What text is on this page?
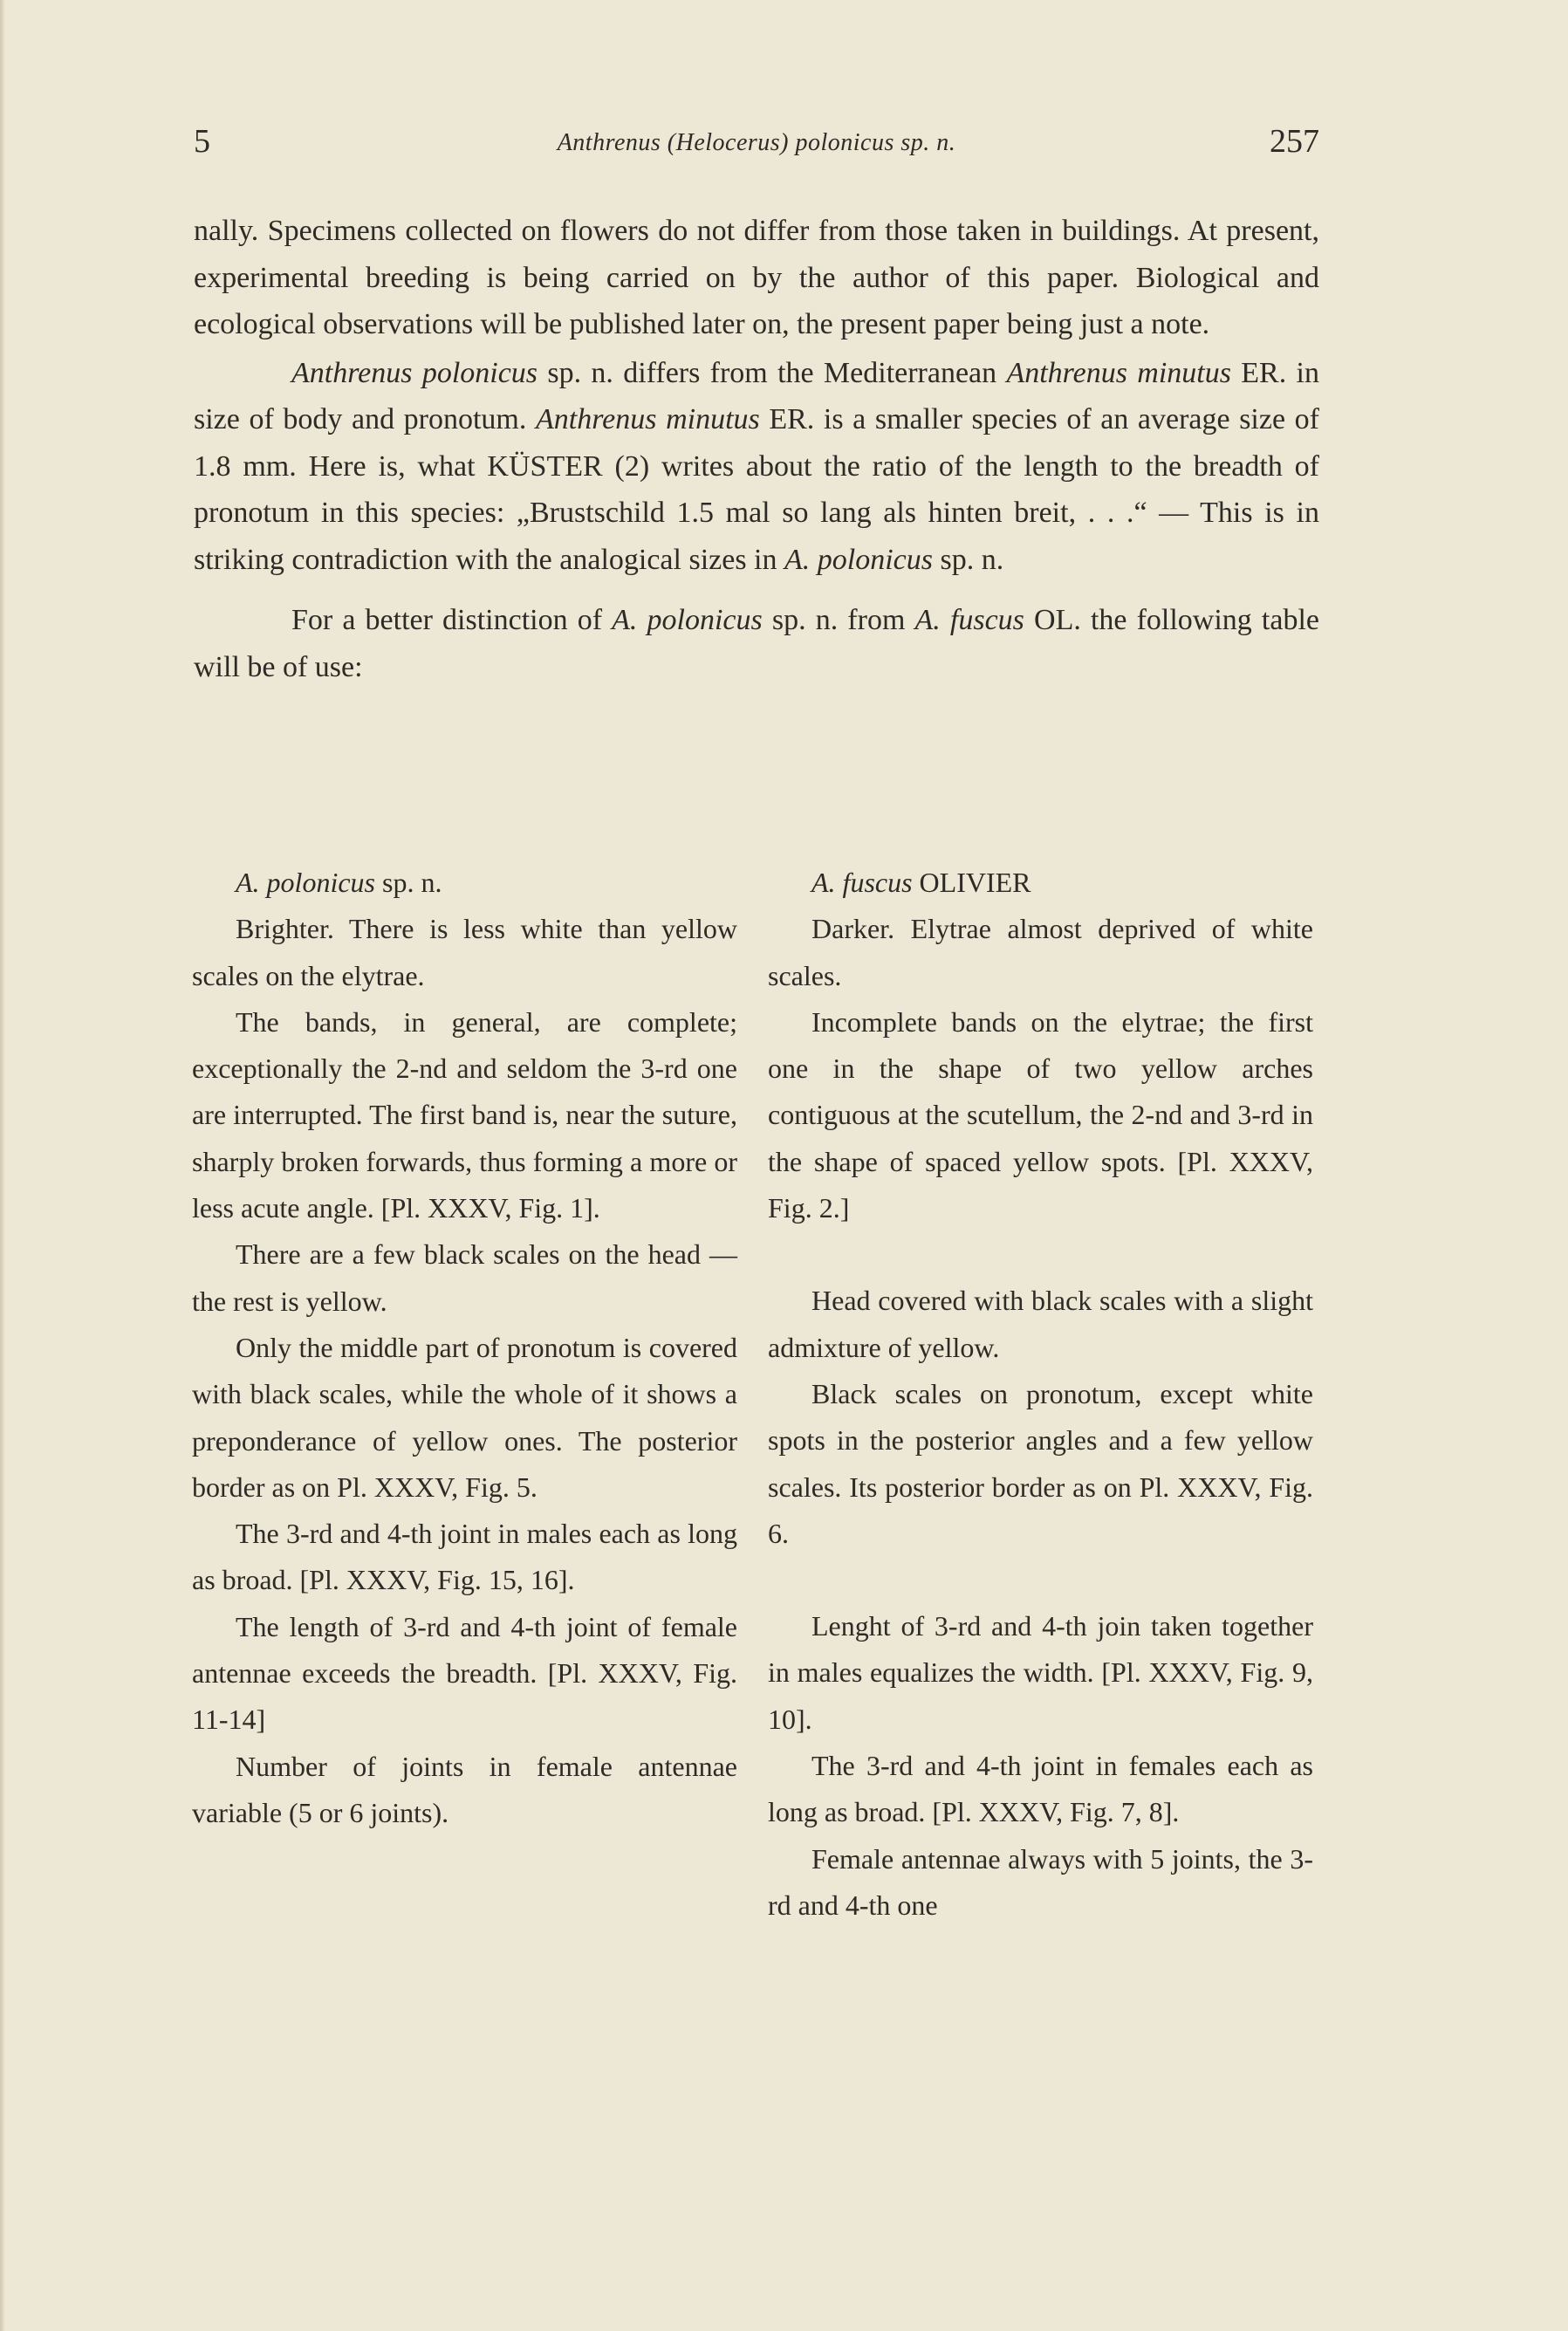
5	Anthrenus (Helocerus) polonicus sp. n.	257

nally. Specimens collected on flowers do not differ from those taken in buildings. At present, experimental breeding is being carried on by the author of this paper. Biological and ecological observations will be published later on, the present paper being just a note.

Anthrenus polonicus sp. n. differs from the Mediterranean Anthrenus minutus ER. in size of body and pronotum. Anthrenus minutus ER. is a smaller species of an average size of 1.8 mm. Here is, what KÜSTER (2) writes about the ratio of the length to the breadth of pronotum in this species: „Brustschild 1.5 mal so lang als hinten breit, . . .“ — This is in striking contradiction with the analogical sizes in A. polonicus sp. n.

For a better distinction of A. polonicus sp. n. from A. fuscus OL. the following table will be of use:

A. polonicus sp. n.

Brighter. There is less white than yellow scales on the elytrae.

The bands, in general, are complete; exceptionally the 2-nd and seldom the 3-rd one are interrupted. The first band is, near the suture, sharply broken forwards, thus forming a more or less acute angle. [Pl. XXXV, Fig. 1].

There are a few black scales on the head — the rest is yellow.

Only the middle part of pronotum is covered with black scales, while the whole of it shows a preponderance of yellow ones. The posterior border as on Pl. XXXV, Fig. 5.

The 3-rd and 4-th joint in males each as long as broad. [Pl. XXXV, Fig. 15, 16].

The length of 3-rd and 4-th joint of female antennae exceeds the breadth. [Pl. XXXV, Fig. 11-14]

Number of joints in female antennae variable (5 or 6 joints).

A. fuscus OLIVIER

Darker. Elytrae almost deprived of white scales.

Incomplete bands on the elytrae; the first one in the shape of two yellow arches contiguous at the scutellum, the 2-nd and 3-rd in the shape of spaced yellow spots. [Pl. XXXV, Fig. 2.]

Head covered with black scales with a slight admixture of yellow.

Black scales on pronotum, except white spots in the posterior angles and a few yellow scales. Its posterior border as on Pl. XXXV, Fig. 6.

Lenght of 3-rd and 4-th join taken together in males equalizes the width. [Pl. XXXV, Fig. 9, 10].

The 3-rd and 4-th joint in females each as long as broad. [Pl. XXXV, Fig. 7, 8].

Female antennae always with 5 joints, the 3-rd and 4-th one
